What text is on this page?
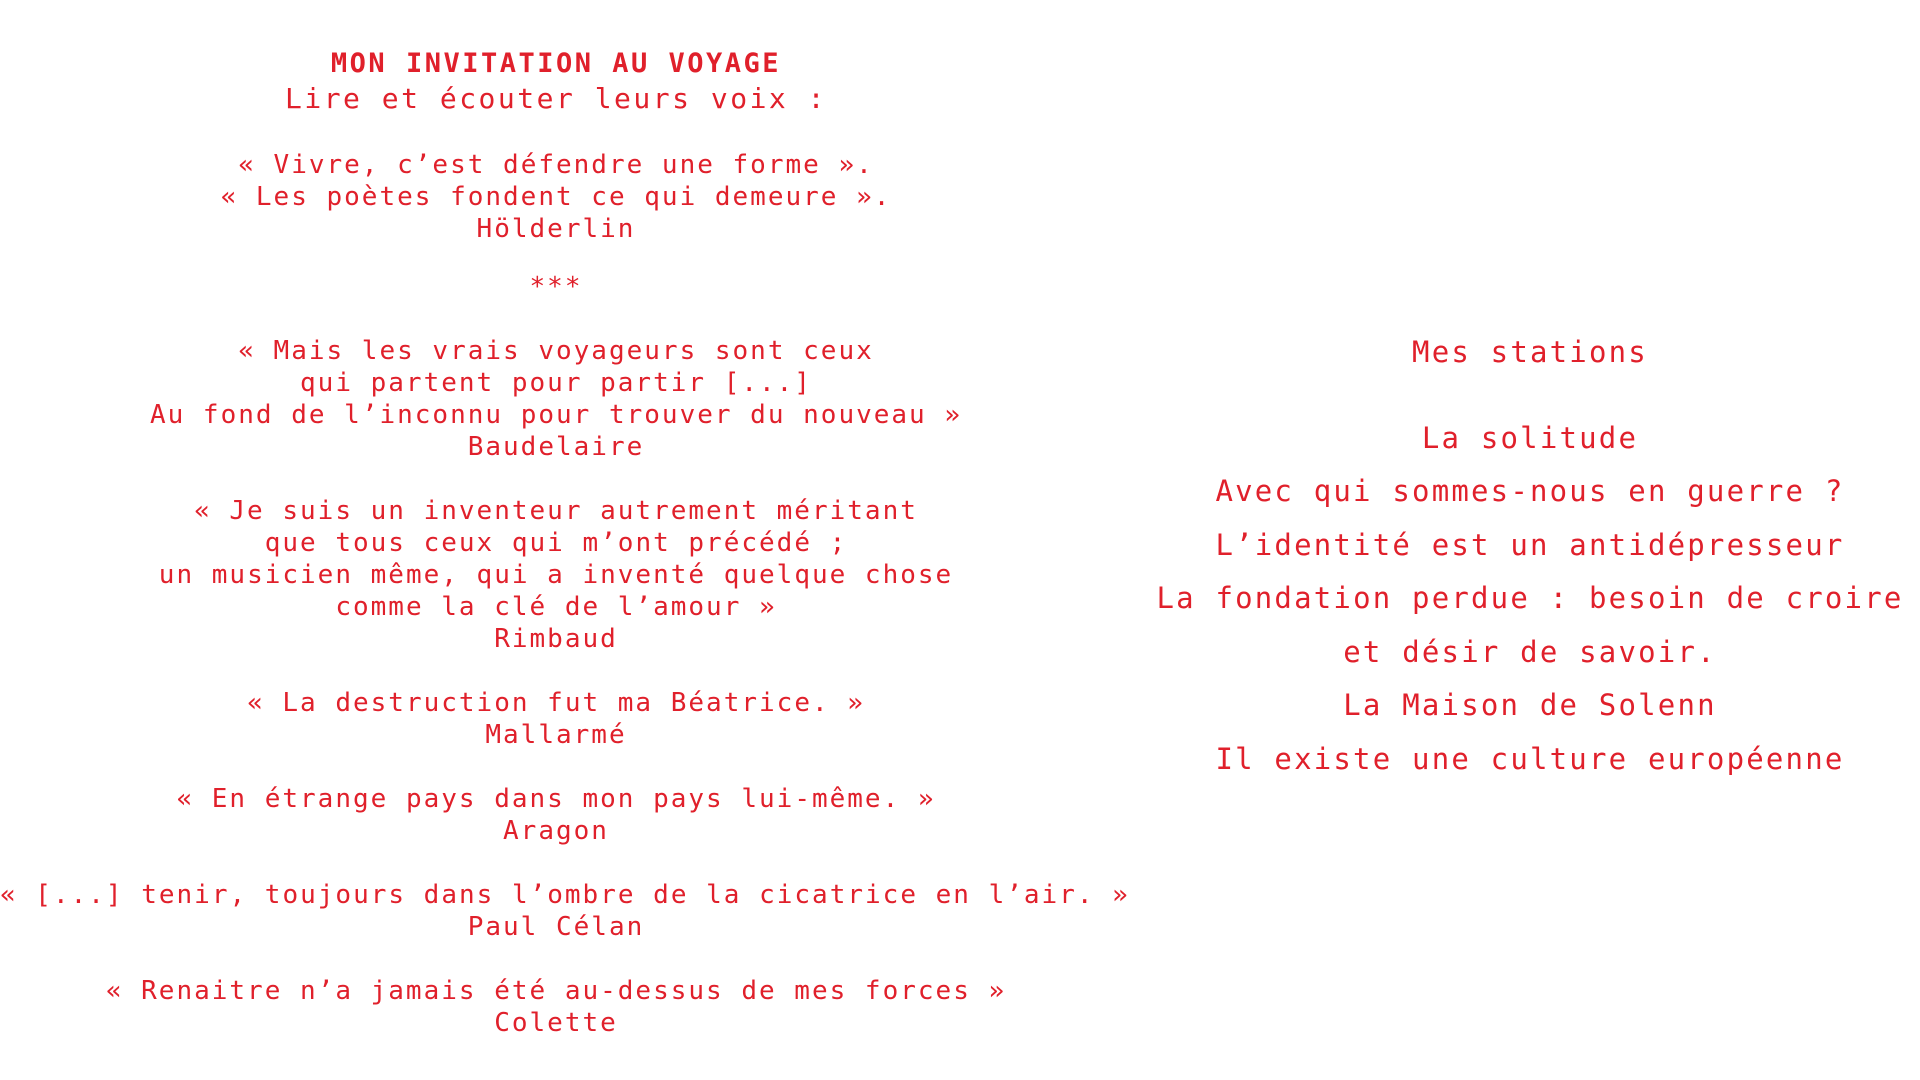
MON INVITATION AU VOYAGE
Lire et écouter leurs voix :
« Vivre, c’est défendre une forme ».
« Les poètes fondent ce qui demeure ».
Hölderlin
***
« Mais les vrais voyageurs sont ceux
qui partent pour partir [...]
Au fond de l’inconnu pour trouver du nouveau »
Baudelaire
« Je suis un inventeur autrement méritant
que tous ceux qui m’ont précédé ;
un musicien même, qui a inventé quelque chose
comme la clé de l’amour »
Rimbaud
« La destruction fut ma Béatrice. »
Mallarmé
« En étrange pays dans mon pays lui-même. »
Aragon
« [...] tenir, toujours dans l’ombre de la cicatrice en l’air. »
Paul Célan
« Renaitre n’a jamais été au-dessus de mes forces »
Colette
Mes stations
La solitude
Avec qui sommes-nous en guerre ?
L’identité est un antidépresseur
La fondation perdue : besoin de croire
et désir de savoir.
La Maison de Solenn
Il existe une culture européenne
